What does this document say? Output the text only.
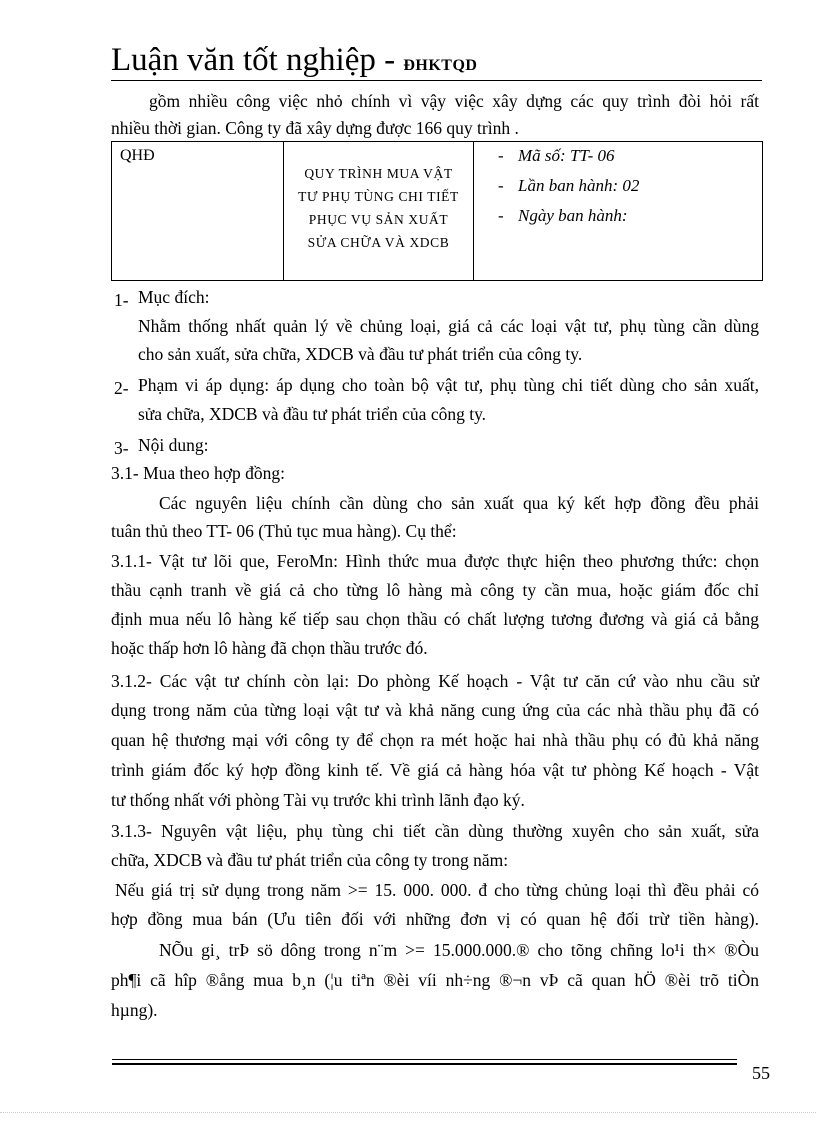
Luận văn tốt nghiệp - ĐHKTQD
gồm nhiều công việc nhỏ chính vì vậy việc xây dựng các quy trình đòi hỏi rất
nhiều thời gian. Công ty đã xây dựng được 166 quy trình .
QHĐ
QUY TRÌNH MUA VẬT
TƯ PHỤ TÙNG CHI TIẾT
PHỤC VỤ SẢN XUẤT
SỬA CHỮA VÀ XDCB
- Mã số: TT- 06
- Lần ban hành: 02
- Ngày ban hành:
1- Mục đích:
Nhằm thống nhất quản lý về chủng loại, giá cả các loại vật tư, phụ tùng cần dùng
cho sản xuất, sửa chữa, XDCB và đầu tư phát triển của công ty.
2- Phạm vi áp dụng: áp dụng cho toàn bộ vật tư, phụ tùng chi tiết dùng cho sản xuất,
sửa chữa, XDCB và đầu tư phát triển của công ty.
3- Nội dung:
3.1- Mua theo hợp đồng:
Các nguyên liệu chính cần dùng cho sản xuất qua ký kết hợp đồng đều phải
tuân thủ theo TT- 06 (Thủ tục mua hàng). Cụ thể:
3.1.1- Vật tư lõi que, FeroMn: Hình thức mua được thực hiện theo phương thức: chọn
thầu cạnh tranh về giá cả cho từng lô hàng mà công ty cần mua, hoặc giám đốc chỉ
định mua nếu lô hàng kế tiếp sau chọn thầu có chất lượng tương đương và giá cả bằng
hoặc thấp hơn lô hàng đã chọn thầu trước đó.
3.1.2- Các vật tư chính còn lại: Do phòng Kế hoạch - Vật tư căn cứ vào nhu cầu sử
dụng trong năm của từng loại vật tư và khả năng cung ứng của các nhà thầu phụ đã có
quan hệ thương mại với công ty để chọn ra mét hoặc hai nhà thầu phụ có đủ khả năng
trình giám đốc ký hợp đồng kinh tế. Về giá cả hàng hóa vật tư phòng Kế hoạch - Vật
tư thống nhất với phòng Tài vụ trước khi trình lãnh đạo ký.
3.1.3- Nguyên vật liệu, phụ tùng chi tiết cần dùng thường xuyên cho sản xuất, sửa
chữa, XDCB và đầu tư phát triển của công ty trong năm:
Nếu giá trị sử dụng trong năm >= 15. 000. 000. đ cho từng chủng loại thì đều phải có
hợp đồng mua bán (Ưu tiên đối với những đơn vị có quan hệ đối trừ tiền hàng).
NÕu gi¸ trÞ sö dông trong n¨m >= 15.000.000.® cho tõng chñng lo¹i th× ®Òu
ph¶i cã hîp ®ång mua b¸n (¦u tiªn ®èi víi nh÷ng ®¬n vÞ cã quan hÖ ®èi trõ tiÒn
hµng).
55
